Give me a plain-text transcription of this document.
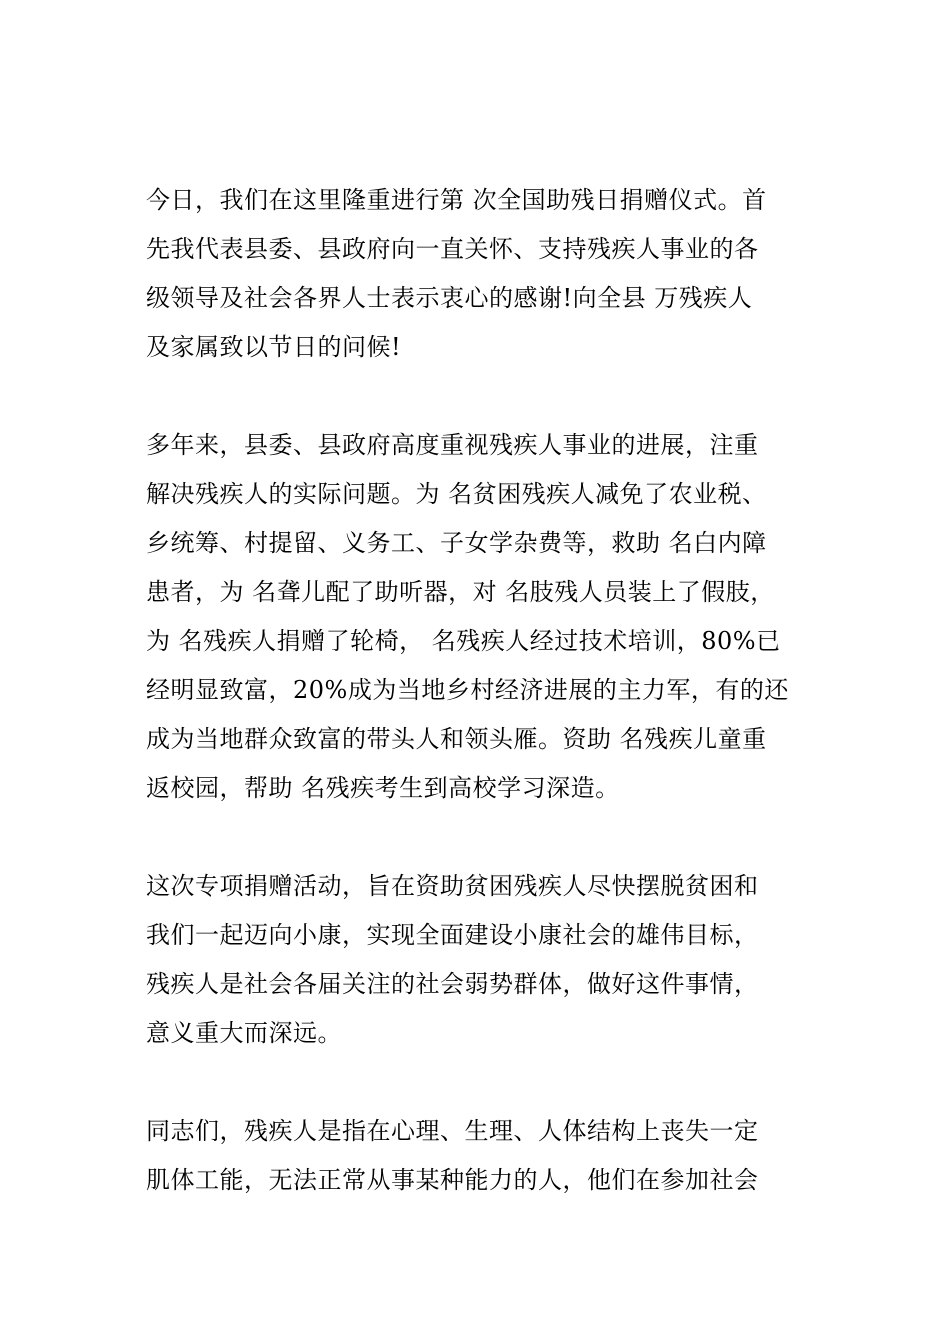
今日，我们在这里隆重进行第 次全国助残日捐赠仪式。首
先我代表县委、县政府向一直关怀、支持残疾人事业的各
级领导及社会各界人士表示衷心的感谢!向全县 万残疾人
及家属致以节日的问候!

多年来，县委、县政府高度重视残疾人事业的进展，注重
解决残疾人的实际问题。为 名贫困残疾人减免了农业税、
乡统筹、村提留、义务工、子女学杂费等，救助 名白内障
患者，为 名聋儿配了助听器，对 名肢残人员装上了假肢，
为 名残疾人捐赠了轮椅， 名残疾人经过技术培训，80%已
经明显致富，20%成为当地乡村经济进展的主力军，有的还
成为当地群众致富的带头人和领头雁。资助 名残疾儿童重
返校园，帮助 名残疾考生到高校学习深造。

这次专项捐赠活动，旨在资助贫困残疾人尽快摆脱贫困和
我们一起迈向小康，实现全面建设小康社会的雄伟目标，
残疾人是社会各届关注的社会弱势群体，做好这件事情，
意义重大而深远。

同志们，残疾人是指在心理、生理、人体结构上丧失一定
肌体工能，无法正常从事某种能力的人，他们在参加社会
